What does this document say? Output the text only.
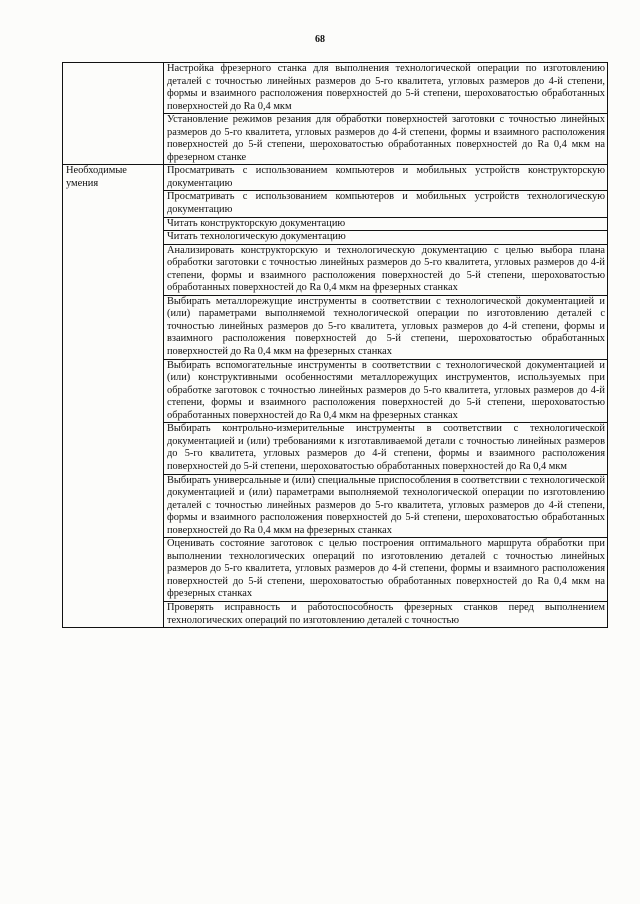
68
	Настройка фрезерного станка для выполнения технологической операции по изготовлению деталей с точностью линейных размеров до 5-го квалитета, угловых размеров до 4-й степени, формы и взаимного расположения поверхностей до 5-й степени, шероховатостью обработанных поверхностей до Ra 0,4 мкм
	Установление режимов резания для обработки поверхностей заготовки с точностью линейных размеров до 5-го квалитета, угловых размеров до 4-й степени, формы и взаимного расположения поверхностей до 5-й степени, шероховатостью обработанных поверхностей до Ra 0,4 мкм на фрезерном станке
Необходимые умения	Просматривать с использованием компьютеров и мобильных устройств конструкторскую документацию
	Просматривать с использованием компьютеров и мобильных устройств технологическую документацию
	Читать конструкторскую документацию
	Читать технологическую документацию
	Анализировать конструкторскую и технологическую документацию с целью выбора плана обработки заготовки с точностью линейных размеров до 5-го квалитета, угловых размеров до 4-й степени, формы и взаимного расположения поверхностей до 5-й степени, шероховатостью обработанных поверхностей до Ra 0,4 мкм на фрезерных станках
	Выбирать металлорежущие инструменты в соответствии с технологической документацией и (или) параметрами выполняемой технологической операции по изготовлению деталей с точностью линейных размеров до 5-го квалитета, угловых размеров до 4-й степени, формы и взаимного расположения поверхностей до 5-й степени, шероховатостью обработанных поверхностей до Ra 0,4 мкм на фрезерных станках
	Выбирать вспомогательные инструменты в соответствии с технологической документацией и (или) конструктивными особенностями металлорежущих инструментов, используемых при обработке заготовок с точностью линейных размеров до 5-го квалитета, угловых размеров до 4-й степени, формы и взаимного расположения поверхностей до 5-й степени, шероховатостью обработанных поверхностей до Ra 0,4 мкм на фрезерных станках
	Выбирать контрольно-измерительные инструменты в соответствии с технологической документацией и (или) требованиями к изготавливаемой детали с точностью линейных размеров до 5-го квалитета, угловых размеров до 4-й степени, формы и взаимного расположения поверхностей до 5-й степени, шероховатостью обработанных поверхностей до Ra 0,4 мкм
	Выбирать универсальные и (или) специальные приспособления в соответствии с технологической документацией и (или) параметрами выполняемой технологической операции по изготовлению деталей с точностью линейных размеров до 5-го квалитета, угловых размеров до 4-й степени, формы и взаимного расположения поверхностей до 5-й степени, шероховатостью обработанных поверхностей до Ra 0,4 мкм на фрезерных станках
	Оценивать состояние заготовок с целью построения оптимального маршрута обработки при выполнении технологических операций по изготовлению деталей с точностью линейных размеров до 5-го квалитета, угловых размеров до 4-й степени, формы и взаимного расположения поверхностей до 5-й степени, шероховатостью обработанных поверхностей до Ra 0,4 мкм на фрезерных станках
	Проверять исправность и работоспособность фрезерных станков перед выполнением технологических операций по изготовлению деталей с точностью
